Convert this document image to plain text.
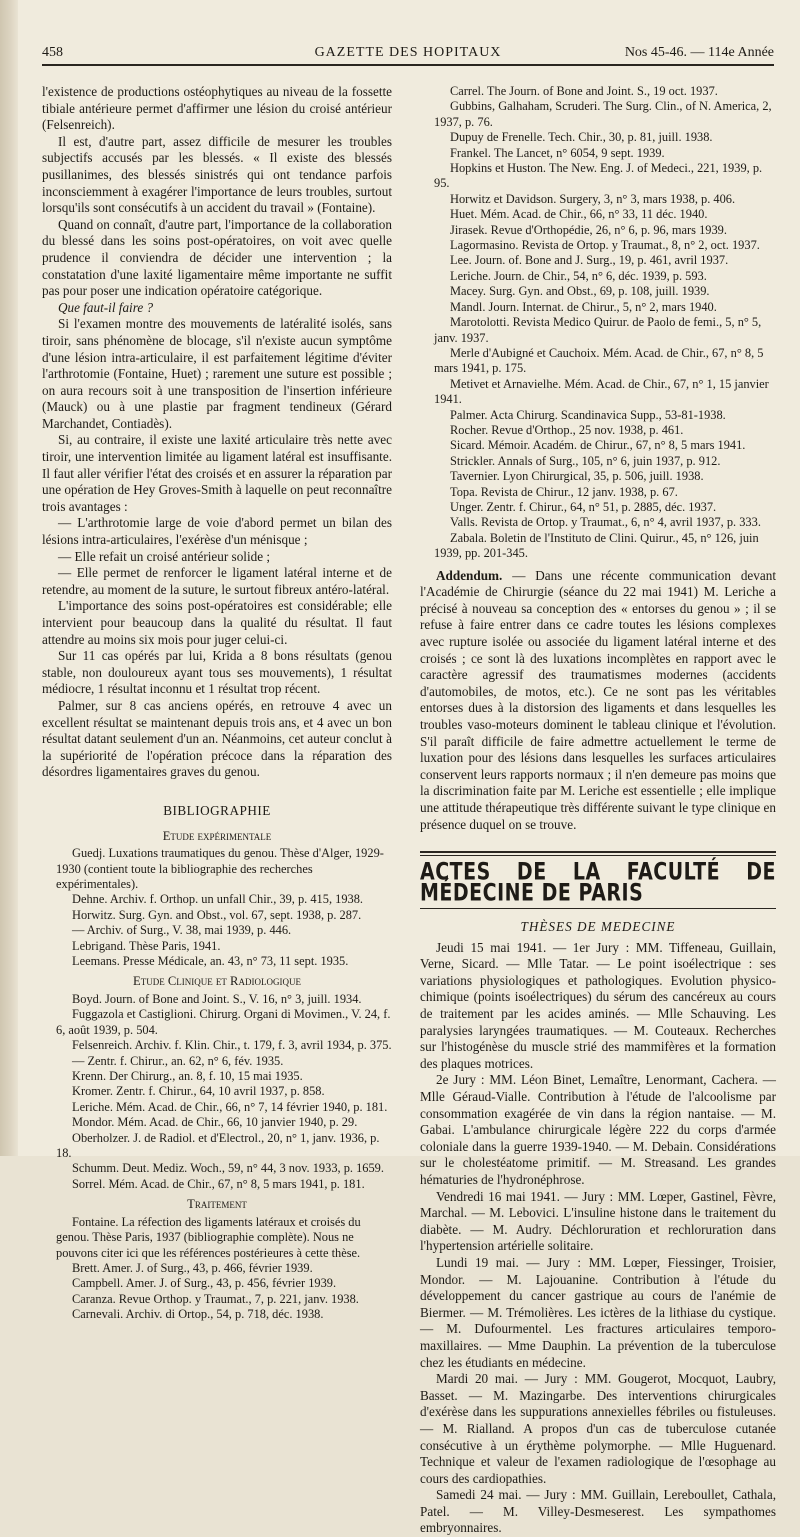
458	GAZETTE DES HOPITAUX	Nos 45-46. — 114e Année

l'existence de productions ostéophytiques au niveau de la fossette tibiale antérieure permet d'affirmer une lésion du croisé antérieur (Felsenreich).

Il est, d'autre part, assez difficile de mesurer les troubles subjectifs accusés par les blessés. « Il existe des blessés pusillanimes, des blessés sinistrés qui ont tendance parfois inconsciemment à exagérer l'importance de leurs troubles, surtout lorsqu'ils sont consécutifs à un accident du travail » (Fontaine).

Quand on connaît, d'autre part, l'importance de la collaboration du blessé dans les soins post-opératoires, on voit avec quelle prudence il conviendra de décider une intervention ; la constatation d'une laxité ligamentaire même importante ne suffit pas pour poser une indication opératoire catégorique.

Que faut-il faire ?

Si l'examen montre des mouvements de latéralité isolés, sans tiroir, sans phénomène de blocage, s'il n'existe aucun symptôme d'une lésion intra-articulaire, il est parfaitement légitime d'éviter l'arthrotomie (Fontaine, Huet) ; rarement une suture est possible ; on aura recours soit à une transposition de l'insertion inférieure (Mauck) ou à une plastie par fragment tendineux (Gérard Marchandet, Contiadès).

Si, au contraire, il existe une laxité articulaire très nette avec tiroir, une intervention limitée au ligament latéral est insuffisante. Il faut aller vérifier l'état des croisés et en assurer la réparation par une opération de Hey Groves-Smith à laquelle on peut reconnaître trois avantages :

— L'arthrotomie large de voie d'abord permet un bilan des lésions intra-articulaires, l'exérèse d'un ménisque ;

— Elle refait un croisé antérieur solide ;

— Elle permet de renforcer le ligament latéral interne et de retendre, au moment de la suture, le surtout fibreux antéro-latéral.

L'importance des soins post-opératoires est considérable; elle intervient pour beaucoup dans la qualité du résultat. Il faut attendre au moins six mois pour juger celui-ci.

Sur 11 cas opérés par lui, Krida a 8 bons résultats (genou stable, non douloureux ayant tous ses mouvements), 1 résultat médiocre, 1 résultat inconnu et 1 résultat trop récent.

Palmer, sur 8 cas anciens opérés, en retrouve 4 avec un excellent résultat se maintenant depuis trois ans, et 4 avec un bon résultat datant seulement d'un an. Néanmoins, cet auteur conclut à la supériorité de l'opération précoce dans la réparation des désordres ligamentaires graves du genou.

BIBLIOGRAPHIE
Etude expérimentale

Guedj. Luxations traumatiques du genou. Thèse d'Alger, 1929-1930 (contient toute la bibliographie des recherches expérimentales).

Dehne. Archiv. f. Orthop. un unfall Chir., 39, p. 415, 1938.

Horwitz. Surg. Gyn. and Obst., vol. 67, sept. 1938, p. 287.

— Archiv. of Surg., V. 38, mai 1939, p. 446.

Lebrigand. Thèse Paris, 1941.

Leemans. Presse Médicale, an. 43, n° 73, 11 sept. 1935.

Etude Clinique et Radiologique

Boyd. Journ. of Bone and Joint. S., V. 16, n° 3, juill. 1934.

Fuggazola et Castiglioni. Chirurg. Organi di Movimen., V. 24, f. 6, août 1939, p. 504.

Felsenreich. Archiv. f. Klin. Chir., t. 179, f. 3, avril 1934, p. 375.

— Zentr. f. Chirur., an. 62, n° 6, fév. 1935.

Krenn. Der Chirurg., an. 8, f. 10, 15 mai 1935.

Kromer. Zentr. f. Chirur., 64, 10 avril 1937, p. 858.

Leriche. Mém. Acad. de Chir., 66, n° 7, 14 février 1940, p. 181.

Mondor. Mém. Acad. de Chir., 66, 10 janvier 1940, p. 29.

Oberholzer. J. de Radiol. et d'Electrol., 20, n° 1, janv. 1936, p. 18.

Schumm. Deut. Mediz. Woch., 59, n° 44, 3 nov. 1933, p. 1659.

Sorrel. Mém. Acad. de Chir., 67, n° 8, 5 mars 1941, p. 181.

Traitement

Fontaine. La réfection des ligaments latéraux et croisés du genou. Thèse Paris, 1937 (bibliographie complète). Nous ne pouvons citer ici que les références postérieures à cette thèse.

Brett. Amer. J. of Surg., 43, p. 466, février 1939.

Campbell. Amer. J. of Surg., 43, p. 456, février 1939.

Caranza. Revue Orthop. y Traumat., 7, p. 221, janv. 1938.

Carnevali. Archiv. di Ortop., 54, p. 718, déc. 1938.

Carrel. The Journ. of Bone and Joint. S., 19 oct. 1937.

Gubbins, Galhaham, Scruderi. The Surg. Clin., of N. America, 2, 1937, p. 76.

Dupuy de Frenelle. Tech. Chir., 30, p. 81, juill. 1938.

Frankel. The Lancet, n° 6054, 9 sept. 1939.

Hopkins et Huston. The New. Eng. J. of Medeci., 221, 1939, p. 95.

Horwitz et Davidson. Surgery, 3, n° 3, mars 1938, p. 406.

Huet. Mém. Acad. de Chir., 66, n° 33, 11 déc. 1940.

Jirasek. Revue d'Orthopédie, 26, n° 6, p. 96, mars 1939.

Lagormasino. Revista de Ortop. y Traumat., 8, n° 2, oct. 1937.

Lee. Journ. of. Bone and J. Surg., 19, p. 461, avril 1937.

Leriche. Journ. de Chir., 54, n° 6, déc. 1939, p. 593.

Macey. Surg. Gyn. and Obst., 69, p. 108, juill. 1939.

Mandl. Journ. Internat. de Chirur., 5, n° 2, mars 1940.

Marotolotti. Revista Medico Quirur. de Paolo de femi., 5, n° 5, janv. 1937.

Merle d'Aubigné et Cauchoix. Mém. Acad. de Chir., 67, n° 8, 5 mars 1941, p. 175.

Metivet et Arnavielhe. Mém. Acad. de Chir., 67, n° 1, 15 janvier 1941.

Palmer. Acta Chirurg. Scandinavica Supp., 53-81-1938.

Rocher. Revue d'Orthop., 25 nov. 1938, p. 461.

Sicard. Mémoir. Académ. de Chirur., 67, n° 8, 5 mars 1941.

Strickler. Annals of Surg., 105, n° 6, juin 1937, p. 912.

Tavernier. Lyon Chirurgical, 35, p. 506, juill. 1938.

Topa. Revista de Chirur., 12 janv. 1938, p. 67.

Unger. Zentr. f. Chirur., 64, n° 51, p. 2885, déc. 1937.

Valls. Revista de Ortop. y Traumat., 6, n° 4, avril 1937, p. 333.

Zabala. Boletin de l'Instituto de Clini. Quirur., 45, n° 126, juin 1939, pp. 201-345.

Addendum. — Dans une récente communication devant l'Académie de Chirurgie (séance du 22 mai 1941) M. Leriche a précisé à nouveau sa conception des « entorses du genou » ; il se refuse à faire entrer dans ce cadre toutes les lésions complexes avec rupture isolée ou associée du ligament latéral interne et des croisés ; ce sont là des luxations incomplètes en rapport avec le caractère agressif des traumatismes modernes (accidents d'automobiles, de motos, etc.). Ce ne sont pas les véritables entorses dues à la distorsion des ligaments et dans lesquelles les troubles vaso-moteurs dominent le tableau clinique et l'évolution. S'il paraît difficile de faire admettre actuellement le terme de luxation pour des lésions dans lesquelles les surfaces articulaires conservent leurs rapports normaux ; il n'en demeure pas moins que la discrimination faite par M. Leriche est essentielle ; elle implique une attitude thérapeutique très différente suivant le type clinique en présence duquel on se trouve.

ACTES DE LA FACULTÉ DE MÉDECINE DE PARIS
THÈSES DE MEDECINE

Jeudi 15 mai 1941. — 1er Jury : MM. Tiffeneau, Guillain, Verne, Sicard. — Mlle Tatar. — Le point isoélectrique : ses variations physiologiques et pathologiques. Evolution physico-chimique (points isoélectriques) du sérum des cancéreux au cours de traitement par les acides aminés. — Mlle Schauving. Les paralysies laryngées traumatiques. — M. Couteaux. Recherches sur l'histogénèse du muscle strié des mammifères et la formation des plaques motrices.

2e Jury : MM. Léon Binet, Lemaître, Lenormant, Cachera. — Mlle Géraud-Vialle. Contribution à l'étude de l'alcoolisme par consommation exagérée de vin dans la région nantaise. — M. Gabai. L'ambulance chirurgicale légère 222 du corps d'armée coloniale dans la guerre 1939-1940. — M. Debain. Considérations sur le cholestéatome primitif. — M. Streasand. Les grandes hématuries de l'hydronéphrose.

Vendredi 16 mai 1941. — Jury : MM. Lœper, Gastinel, Fèvre, Marchal. — M. Lebovici. L'insuline histone dans le traitement du diabète. — M. Audry. Déchloruration et rechloruration dans l'hypertension artérielle solitaire.

Lundi 19 mai. — Jury : MM. Lœper, Fiessinger, Troisier, Mondor. — M. Lajouanine. Contribution à l'étude du développement du cancer gastrique au cours de l'anémie de Biermer. — M. Trémolières. Les ictères de la lithiase du cystique. — M. Dufourmentel. Les fractures articulaires temporo-maxillaires. — Mme Dauphin. La prévention de la tuberculose chez les étudiants en médecine.

Mardi 20 mai. — Jury : MM. Gougerot, Mocquot, Laubry, Basset. — M. Mazingarbe. Des interventions chirurgicales d'exérèse dans les suppurations annexielles fébriles ou fistuleuses. — M. Rialland. A propos d'un cas de tuberculose cutanée consécutive à un érythème polymorphe. — Mlle Huguenard. Technique et valeur de l'examen radiologique de l'œsophage au cours des cardiopathies.

Samedi 24 mai. — Jury : MM. Guillain, Lereboullet, Cathala, Patel. — M. Villey-Desmeserest. Les sympathomes embryonnaires.
